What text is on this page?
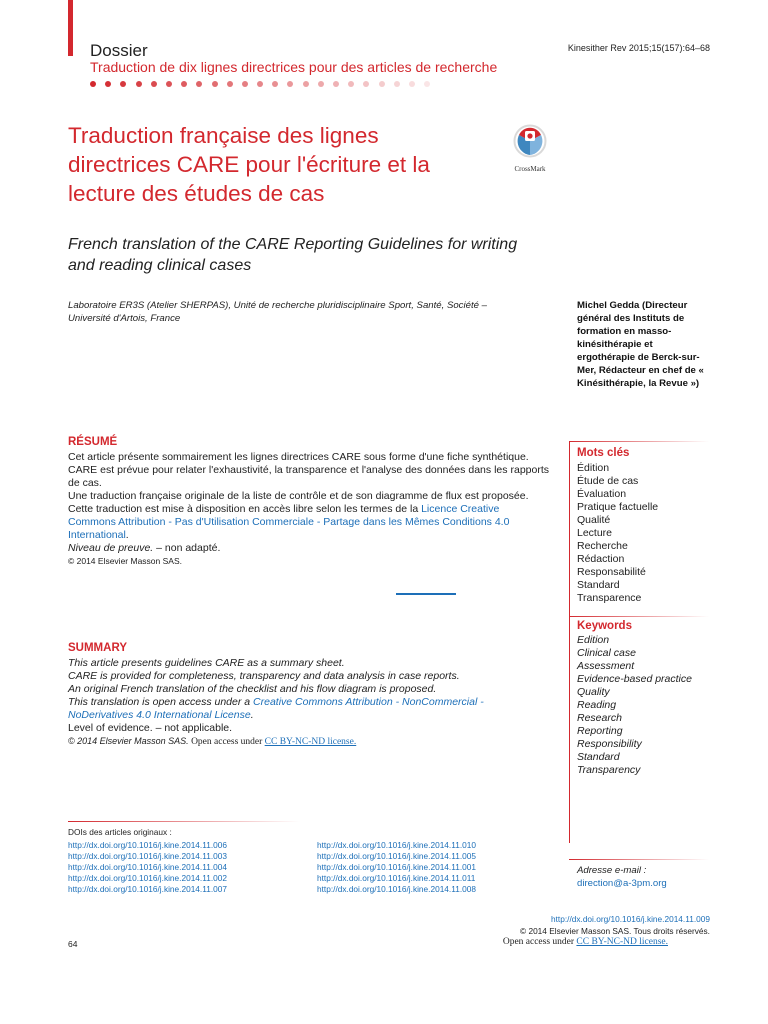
Dossier
Traduction de dix lignes directrices pour des articles de recherche
Kinesither Rev 2015;15(157):64–68
Traduction française des lignes directrices CARE pour l'écriture et la lecture des études de cas
CrossMark
French translation of the CARE Reporting Guidelines for writing and reading clinical cases
Laboratoire ER3S (Atelier SHERPAS), Unité de recherche pluridisciplinaire Sport, Santé, Société – Université d'Artois, France
Michel Gedda (Directeur général des Instituts de formation en masso-kinésithérapie et ergothérapie de Berck-sur-Mer, Rédacteur en chef de « Kinésithérapie, la Revue »)
RÉSUMÉ

Cet article présente sommairement les lignes directrices CARE sous forme d'une fiche synthétique.

CARE est prévue pour relater l'exhaustivité, la transparence et l'analyse des données dans les rapports de cas.

Une traduction française originale de la liste de contrôle et de son diagramme de flux est proposée.

Cette traduction est mise à disposition en accès libre selon les termes de la Licence Creative Commons Attribution - Pas d'Utilisation Commerciale - Partage dans les Mêmes Conditions 4.0 International.

Niveau de preuve. – non adapté.

© 2014 Elsevier Masson SAS.

SUMMARY

This article presents guidelines CARE as a summary sheet.

CARE is provided for completeness, transparency and data analysis in case reports.

An original French translation of the checklist and his flow diagram is proposed.

This translation is open access under a Creative Commons Attribution - NonCommercial - NoDerivatives 4.0 International License.

Level of evidence. – not applicable.

© 2014 Elsevier Masson SAS. Open access under CC BY-NC-ND license.

Mots clés
Édition
Étude de cas
Évaluation
Pratique factuelle
Qualité
Lecture
Recherche
Rédaction
Responsabilité
Standard
Transparence
Keywords
Edition
Clinical case
Assessment
Evidence-based practice
Quality
Reading
Research
Reporting
Responsibility
Standard
Transparency
DOIs des articles originaux :
http://dx.doi.org/10.1016/j.kine.2014.11.006
http://dx.doi.org/10.1016/j.kine.2014.11.003
http://dx.doi.org/10.1016/j.kine.2014.11.004
http://dx.doi.org/10.1016/j.kine.2014.11.002
http://dx.doi.org/10.1016/j.kine.2014.11.007
http://dx.doi.org/10.1016/j.kine.2014.11.010
http://dx.doi.org/10.1016/j.kine.2014.11.005
http://dx.doi.org/10.1016/j.kine.2014.11.001
http://dx.doi.org/10.1016/j.kine.2014.11.011
http://dx.doi.org/10.1016/j.kine.2014.11.008
Adresse e-mail :
direction@a-3pm.org
http://dx.doi.org/10.1016/j.kine.2014.11.009
© 2014 Elsevier Masson SAS. Tous droits réservés.
Open access under CC BY-NC-ND license.
64
